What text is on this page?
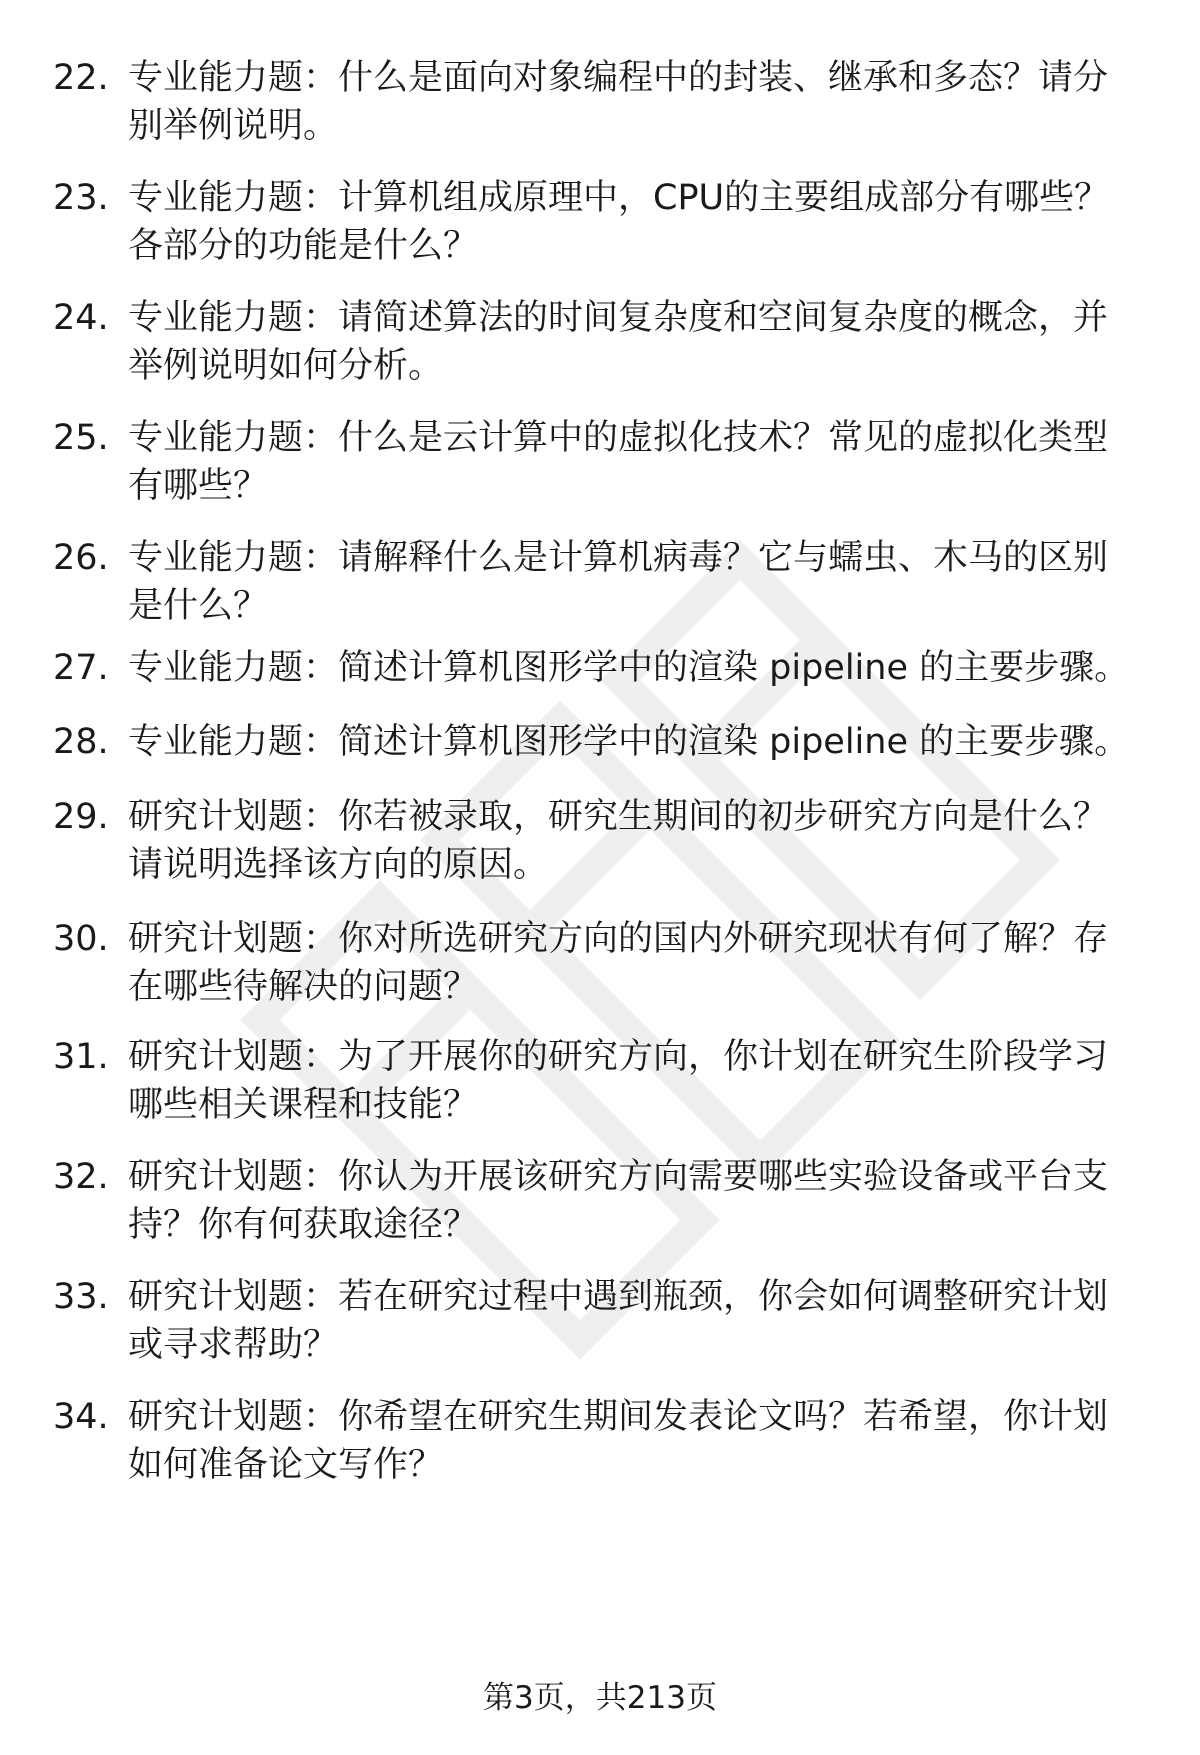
22. 专业能力题：什么是面向对象编程中的封装、继承和多态？请分别举例说明。
23. 专业能力题：计算机组成原理中，CPU的主要组成部分有哪些？各部分的功能是什么？
24. 专业能力题：请简述算法的时间复杂度和空间复杂度的概念，并举例说明如何分析。
25. 专业能力题：什么是云计算中的虚拟化技术？常见的虚拟化类型有哪些？
26. 专业能力题：请解释什么是计算机病毒？它与蠕虫、木马的区别是什么？
27. 专业能力题：简述计算机图形学中的渲染 pipeline 的主要步骤。
28. 专业能力题：简述计算机图形学中的渲染 pipeline 的主要步骤。
29. 研究计划题：你若被录取，研究生期间的初步研究方向是什么？请说明选择该方向的原因。
30. 研究计划题：你对所选研究方向的国内外研究现状有何了解？存在哪些待解决的问题？
31. 研究计划题：为了开展你的研究方向，你计划在研究生阶段学习哪些相关课程和技能？
32. 研究计划题：你认为开展该研究方向需要哪些实验设备或平台支持？你有何获取途径？
33. 研究计划题：若在研究过程中遇到瓶颈，你会如何调整研究计划或寻求帮助？
34. 研究计划题：你希望在研究生期间发表论文吗？若希望，你计划如何准备论文写作？
第3页，共213页
